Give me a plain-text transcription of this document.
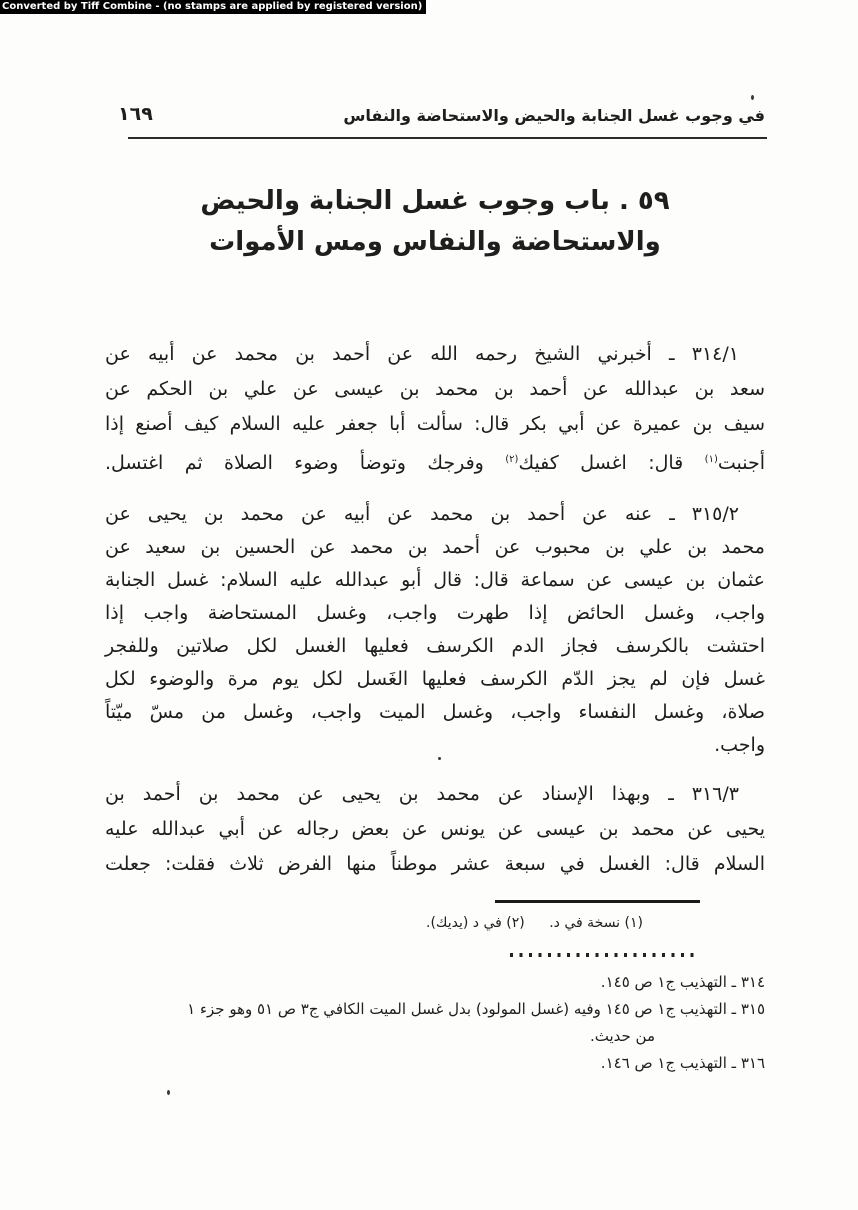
Converted by Tiff Combine - (no stamps are applied by registered version)
١٦٩	في وجوب غسل الجنابة والحيض والاستحاضة والنفاس
٥٩ . باب وجوب غسل الجنابة والحيض
والاستحاضة والنفاس ومس الأموات
٣١٤/١ ـ أخبرني الشيخ رحمه الله عن أحمد بن محمد عن أبيه عن
سعد بن عبدالله عن أحمد بن محمد بن عيسى عن علي بن الحكم عن
سيف بن عميرة عن أبي بكر قال: سألت أبا جعفر عليه السلام كيف أصنع إذا
أجنبت$^{(١)}$ قال: اغسل كفيك$^{(٢)}$ وفرجك وتوضأ وضوء الصلاة ثم اغتسل.
٣١٥/٢ ـ عنه عن أحمد بن محمد عن أبيه عن محمد بن يحيى عن
محمد بن علي بن محبوب عن أحمد بن محمد عن الحسين بن سعيد عن
عثمان بن عيسى عن سماعة قال: قال أبو عبدالله عليه السلام: غسل الجنابة
واجب، وغسل الحائض إذا طهرت واجب، وغسل المستحاضة واجب إذا
احتشت بالكرسف فجاز الدم الكرسف فعليها الغسل لكل صلاتين وللفجر
غسل فإن لم يجز الدّم الكرسف فعليها الغَسل لكل يوم مرة والوضوء لكل
صلاة، وغسل النفساء واجب، وغسل الميت واجب، وغسل من مسّ ميّتاً
واجب.
٣١٦/٣ ـ وبهذا الإسناد عن محمد بن يحيى عن محمد بن أحمد بن
يحيى عن محمد بن عيسى عن يونس عن بعض رجاله عن أبي عبدالله عليه
السلام قال: الغسل في سبعة عشر موطناً منها الفرض ثلاث فقلت: جعلت
(١) نسخة في د. (٢) في د (يديك).
٣١٤ ـ التهذيب ج١ ص ١٤٥.
٣١٥ ـ التهذيب ج١ ص ١٤٥ وفيه (غسل المولود) بدل غسل الميت الكافي ج٣ ص ٥١ وهو جزء ١
من حديث.
٣١٦ ـ التهذيب ج١ ص ١٤٦.
